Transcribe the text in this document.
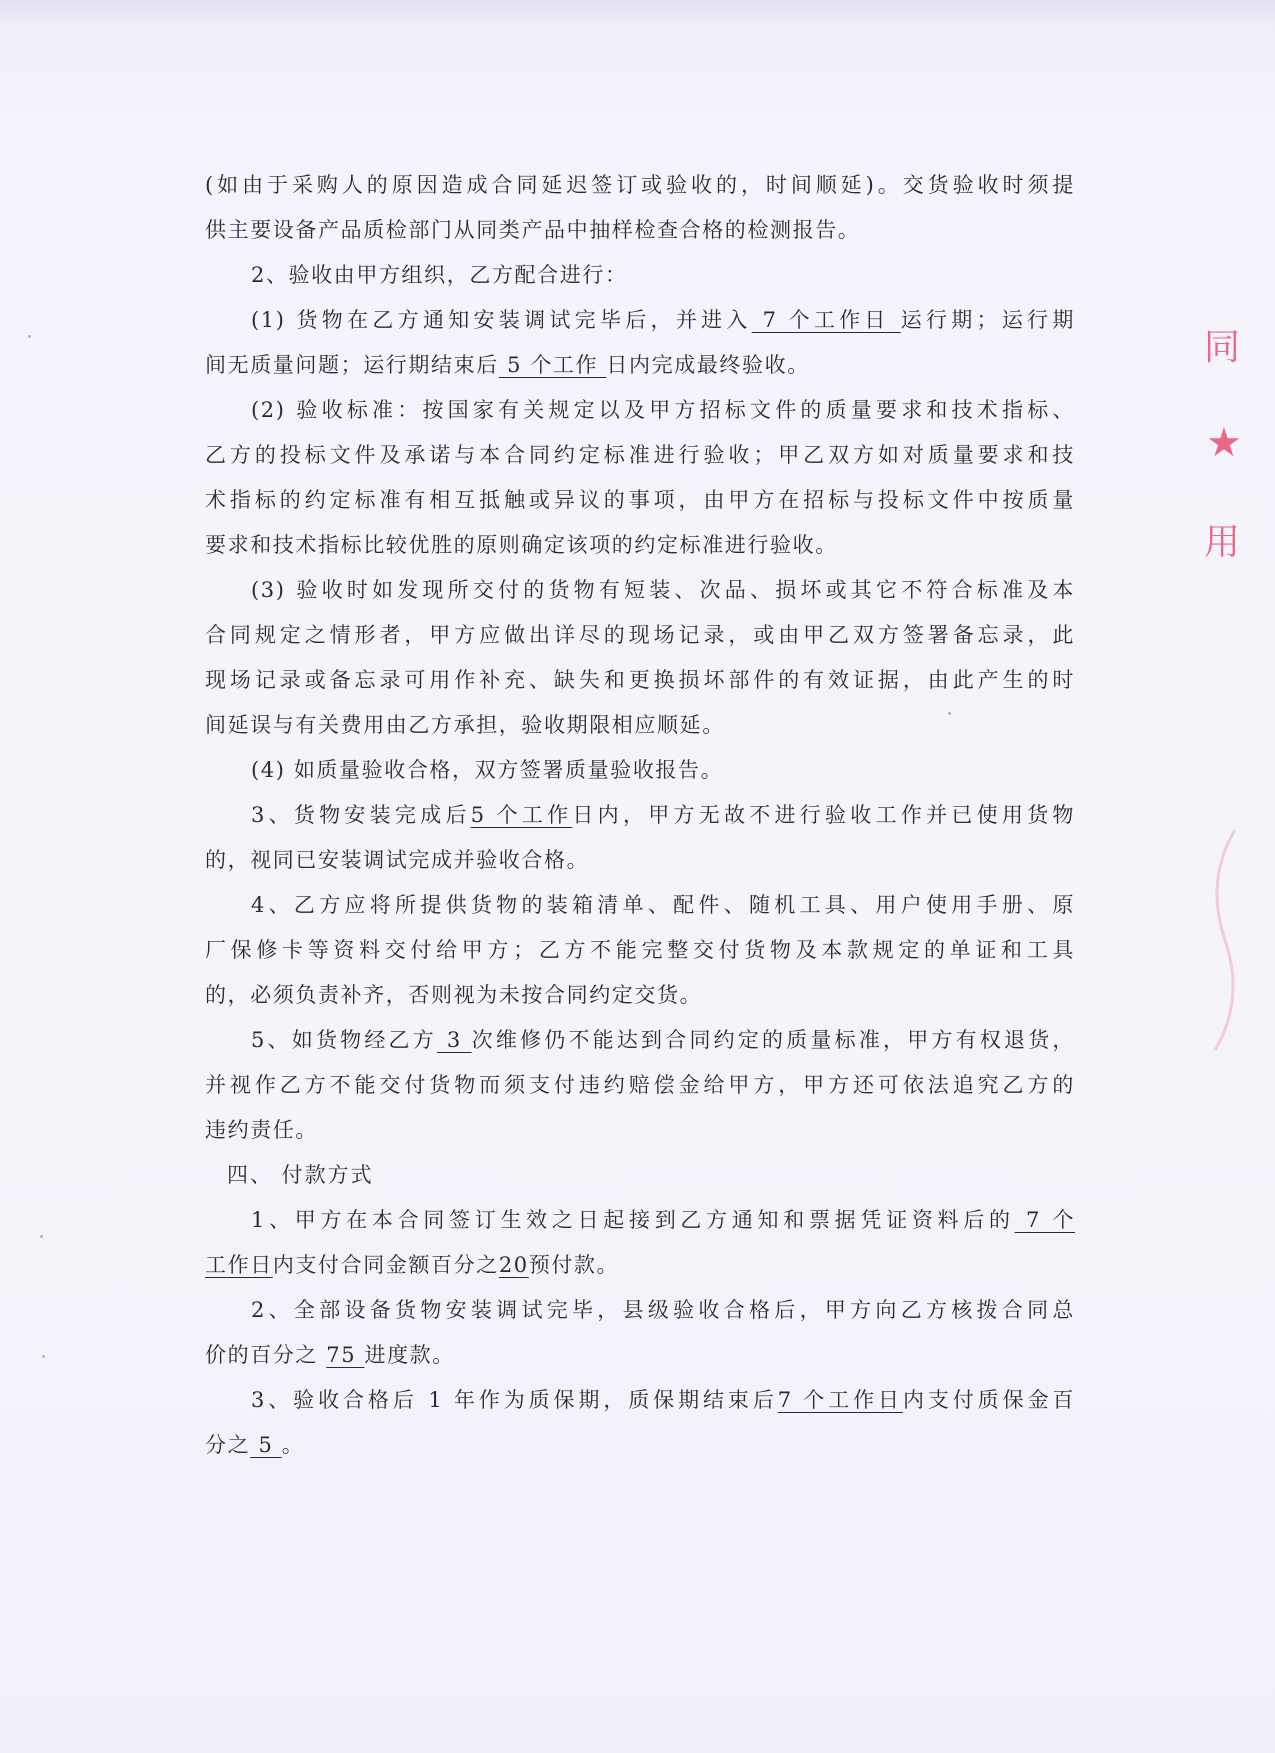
(如由于采购人的原因造成合同延迟签订或验收的，时间顺延)。交货验收时须提
供主要设备产品质检部门从同类产品中抽样检查合格的检测报告。
2、验收由甲方组织，乙方配合进行：
(1) 货物在乙方通知安装调试完毕后，并进入 7 个工作日 运行期；运行期
间无质量问题；运行期结束后 5 个工作 日内完成最终验收。
(2) 验收标准：按国家有关规定以及甲方招标文件的质量要求和技术指标、
乙方的投标文件及承诺与本合同约定标准进行验收；甲乙双方如对质量要求和技
术指标的约定标准有相互抵触或异议的事项，由甲方在招标与投标文件中按质量
要求和技术指标比较优胜的原则确定该项的约定标准进行验收。
(3) 验收时如发现所交付的货物有短装、次品、损坏或其它不符合标准及本
合同规定之情形者，甲方应做出详尽的现场记录，或由甲乙双方签署备忘录，此
现场记录或备忘录可用作补充、缺失和更换损坏部件的有效证据，由此产生的时
间延误与有关费用由乙方承担，验收期限相应顺延。
(4) 如质量验收合格，双方签署质量验收报告。
3、货物安装完成后5 个工作日内，甲方无故不进行验收工作并已使用货物
的，视同已安装调试完成并验收合格。
4、乙方应将所提供货物的装箱清单、配件、随机工具、用户使用手册、原
厂保修卡等资料交付给甲方；乙方不能完整交付货物及本款规定的单证和工具
的，必须负责补齐，否则视为未按合同约定交货。
5、如货物经乙方 3 次维修仍不能达到合同约定的质量标准，甲方有权退货，
并视作乙方不能交付货物而须支付违约赔偿金给甲方，甲方还可依法追究乙方的
违约责任。
四、 付款方式
1、甲方在本合同签订生效之日起接到乙方通知和票据凭证资料后的 7 个
工作日内支付合同金额百分之20预付款。
2、全部设备货物安装调试完毕，县级验收合格后，甲方向乙方核拨合同总
价的百分之 75 进度款。
3、验收合格后 1 年作为质保期，质保期结束后7 个工作日内支付质保金百
分之 5 。
同
★
用
